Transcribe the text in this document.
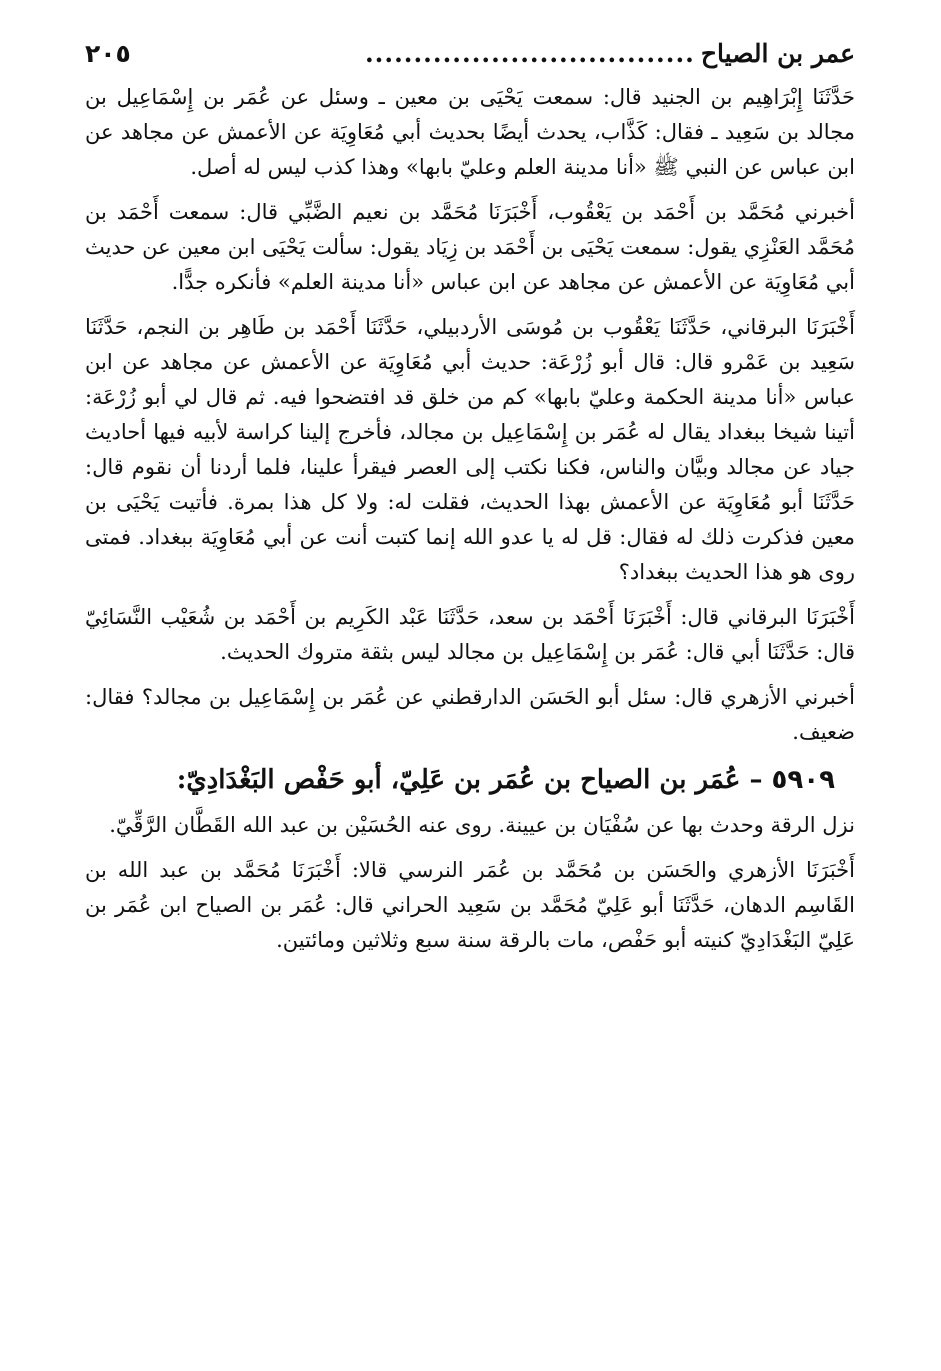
عمر بن الصياح
..................................
٢٠٥

حَدَّثَنَا إِبْرَاهِيم بن الجنيد قال: سمعت يَحْيَى بن معين ـ وسئل عن عُمَر بن إِسْمَاعِيل بن مجالد بن سَعِيد ـ فقال: كَذَّاب، يحدث أيضًا بحديث أبي مُعَاوِيَة عن الأعمش عن مجاهد عن ابن عباس عن النبي ﷺ «أنا مدينة العلم وعليّ بابها» وهذا كذب ليس له أصل.

أخبرني مُحَمَّد بن أَحْمَد بن يَعْقُوب، أَخْبَرَنَا مُحَمَّد بن نعيم الضَّبِّي قال: سمعت أَحْمَد بن مُحَمَّد العَنْزِي يقول: سمعت يَحْيَى بن أَحْمَد بن زِيَاد يقول: سألت يَحْيَى ابن معين عن حديث أبي مُعَاوِيَة عن الأعمش عن مجاهد عن ابن عباس «أنا مدينة العلم» فأنكره جدًّا.

أَخْبَرَنَا البرقاني، حَدَّثَنَا يَعْقُوب بن مُوسَى الأردبيلي، حَدَّثَنَا أَحْمَد بن طَاهِر بن النجم، حَدَّثَنَا سَعِيد بن عَمْرو قال: قال أبو زُرْعَة: حديث أبي مُعَاوِيَة عن الأعمش عن مجاهد عن ابن عباس «أنا مدينة الحكمة وعليّ بابها» كم من خلق قد افتضحوا فيه. ثم قال لي أبو زُرْعَة: أتينا شيخا ببغداد يقال له عُمَر بن إِسْمَاعِيل بن مجالد، فأخرج إلينا كراسة لأبيه فيها أحاديث جياد عن مجالد وبيَّان والناس، فكنا نكتب إلى العصر فيقرأ علينا، فلما أردنا أن نقوم قال: حَدَّثَنَا أبو مُعَاوِيَة عن الأعمش بهذا الحديث، فقلت له: ولا كل هذا بمرة. فأتيت يَحْيَى بن معين فذكرت ذلك له فقال: قل له يا عدو الله إنما كتبت أنت عن أبي مُعَاوِيَة ببغداد. فمتى روى هو هذا الحديث ببغداد؟

أَخْبَرَنَا البرقاني قال: أَخْبَرَنَا أَحْمَد بن سعد، حَدَّثَنَا عَبْد الكَرِيم بن أَحْمَد بن شُعَيْب النَّسَائِيّ قال: حَدَّثَنَا أبي قال: عُمَر بن إِسْمَاعِيل بن مجالد ليس بثقة متروك الحديث.

أخبرني الأزهري قال: سئل أبو الحَسَن الدارقطني عن عُمَر بن إِسْمَاعِيل بن مجالد؟ فقال: ضعيف.

٥٩٠٩ – عُمَر بن الصياح بن عُمَر بن عَلِيّ، أبو حَفْص البَغْدَادِيّ:

نزل الرقة وحدث بها عن سُفْيَان بن عيينة. روى عنه الحُسَيْن بن عبد الله القَطَّان الرَّقِّيّ.

أَخْبَرَنَا الأزهري والحَسَن بن مُحَمَّد بن عُمَر النرسي قالا: أَخْبَرَنَا مُحَمَّد بن عبد الله بن القَاسِم الدهان، حَدَّثَنَا أبو عَلِيّ مُحَمَّد بن سَعِيد الحراني قال: عُمَر بن الصياح ابن عُمَر بن عَلِيّ البَغْدَادِيّ كنيته أبو حَفْص، مات بالرقة سنة سبع وثلاثين ومائتين.
